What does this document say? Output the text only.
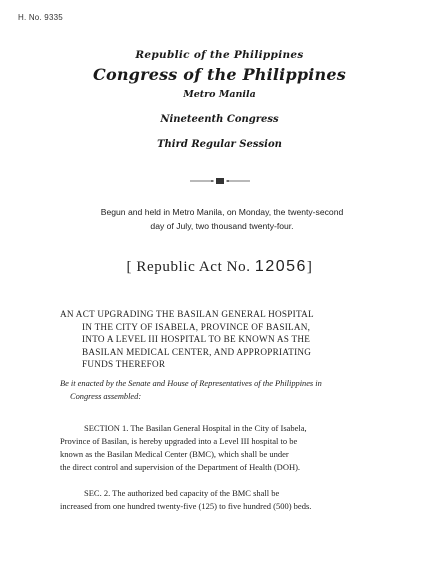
H. No. 9335
Republic of the Philippines
Congress of the Philippines
Metro Manila
Nineteenth Congress
Third Regular Session
Begun and held in Metro Manila, on Monday, the twenty-second
day of July, two thousand twenty-four.
[ Republic Act No. 12056]
AN ACT UPGRADING THE BASILAN GENERAL HOSPITAL
IN THE CITY OF ISABELA, PROVINCE OF BASILAN,
INTO A LEVEL III HOSPITAL TO BE KNOWN AS THE
BASILAN MEDICAL CENTER, AND APPROPRIATING
FUNDS THEREFOR
Be it enacted by the Senate and House of Representatives of the Philippines in
Congress assembled:
SECTION 1. The Basilan General Hospital in the City of Isabela,
Province of Basilan, is hereby upgraded into a Level III hospital to be
known as the Basilan Medical Center (BMC), which shall be under
the direct control and supervision of the Department of Health (DOH).
SEC. 2. The authorized bed capacity of the BMC shall be
increased from one hundred twenty-five (125) to five hundred (500) beds.
